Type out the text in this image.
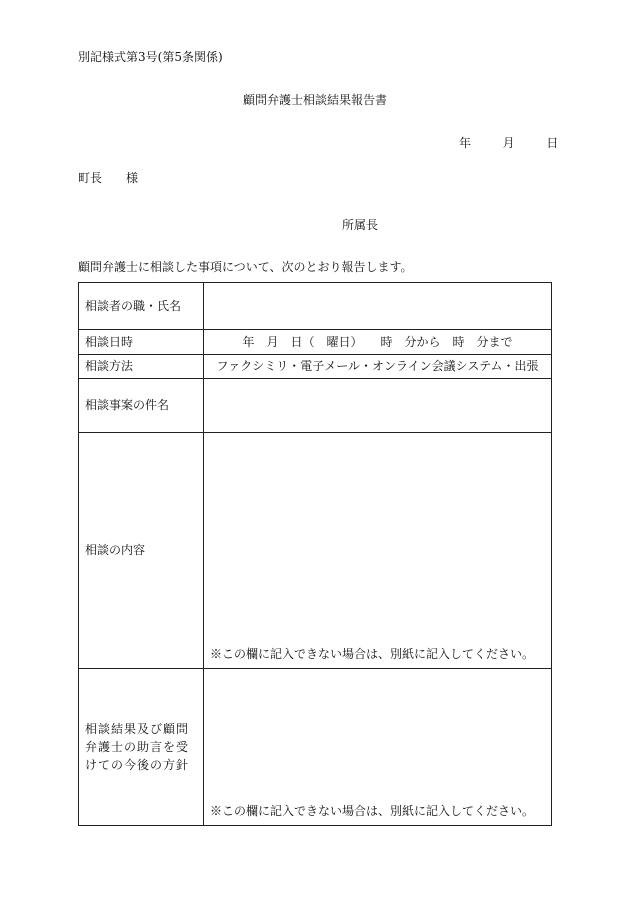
別記様式第3号(第5条関係)
顧問弁護士相談結果報告書
年	月	日
町長　　様
所属長
顧問弁護士に相談した事項について、次のとおり報告します。
相談者の職・氏名	
相談日時	年　月　日（　曜日）　　時　分から　時　分まで
相談方法	ファクシミリ・電子メール・オンライン会議システム・出張
相談事案の件名	
相談の内容	※この欄に記入できない場合は、別紙に記入してください。

相談結果及び顧問弁護士の助言を受けての今後の方針	※この欄に記入できない場合は、別紙に記入してください。
